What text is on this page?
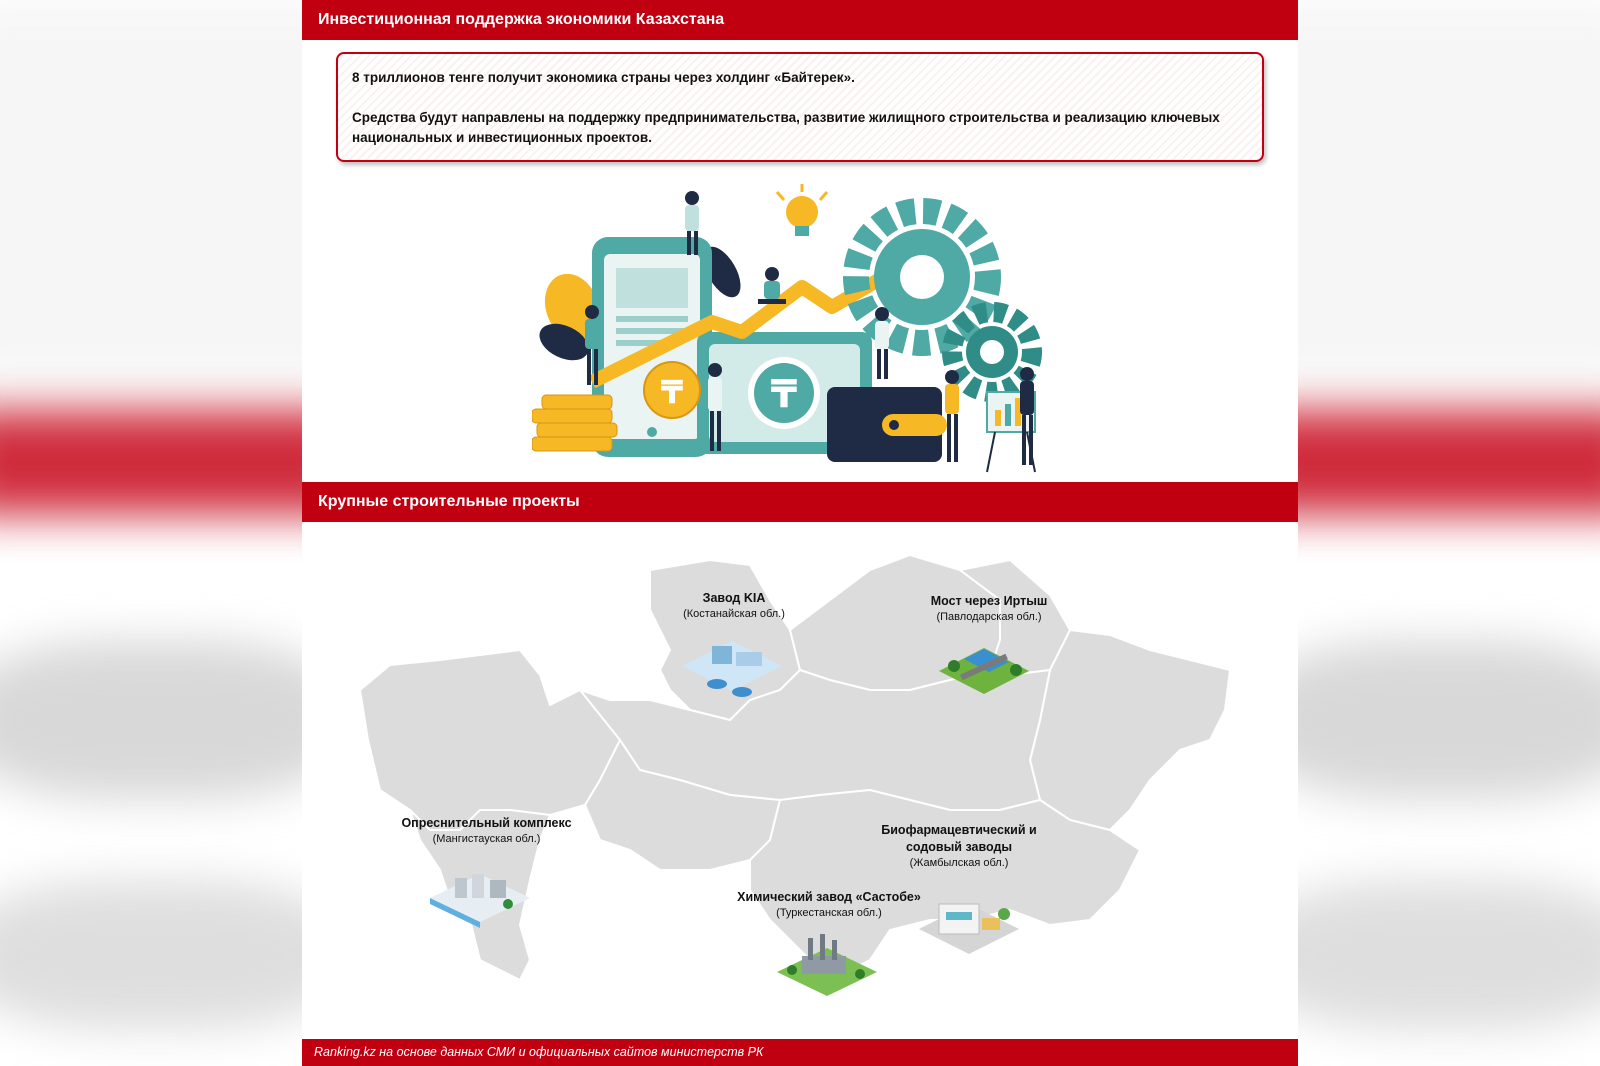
Инвестиционная поддержка экономики Казахстана

8 триллионов тенге получит экономика страны через холдинг «Байтерек».

Средства будут направлены на поддержку предпринимательства, развитие жилищного строительства и реализацию ключевых национальных и инвестиционных проектов.

₸
₸
Крупные строительные проекты
Завод KIA
(Костанайская обл.)
Мост через Иртыш
(Павлодарская обл.)
Опреснительный комплекс
(Мангистауская обл.)
Биофармацевтический и содовый заводы
(Жамбылская обл.)
Химический завод «Састобе»
(Туркестанская обл.)
Ranking.kz на основе данных СМИ и официальных сайтов министерств РК
